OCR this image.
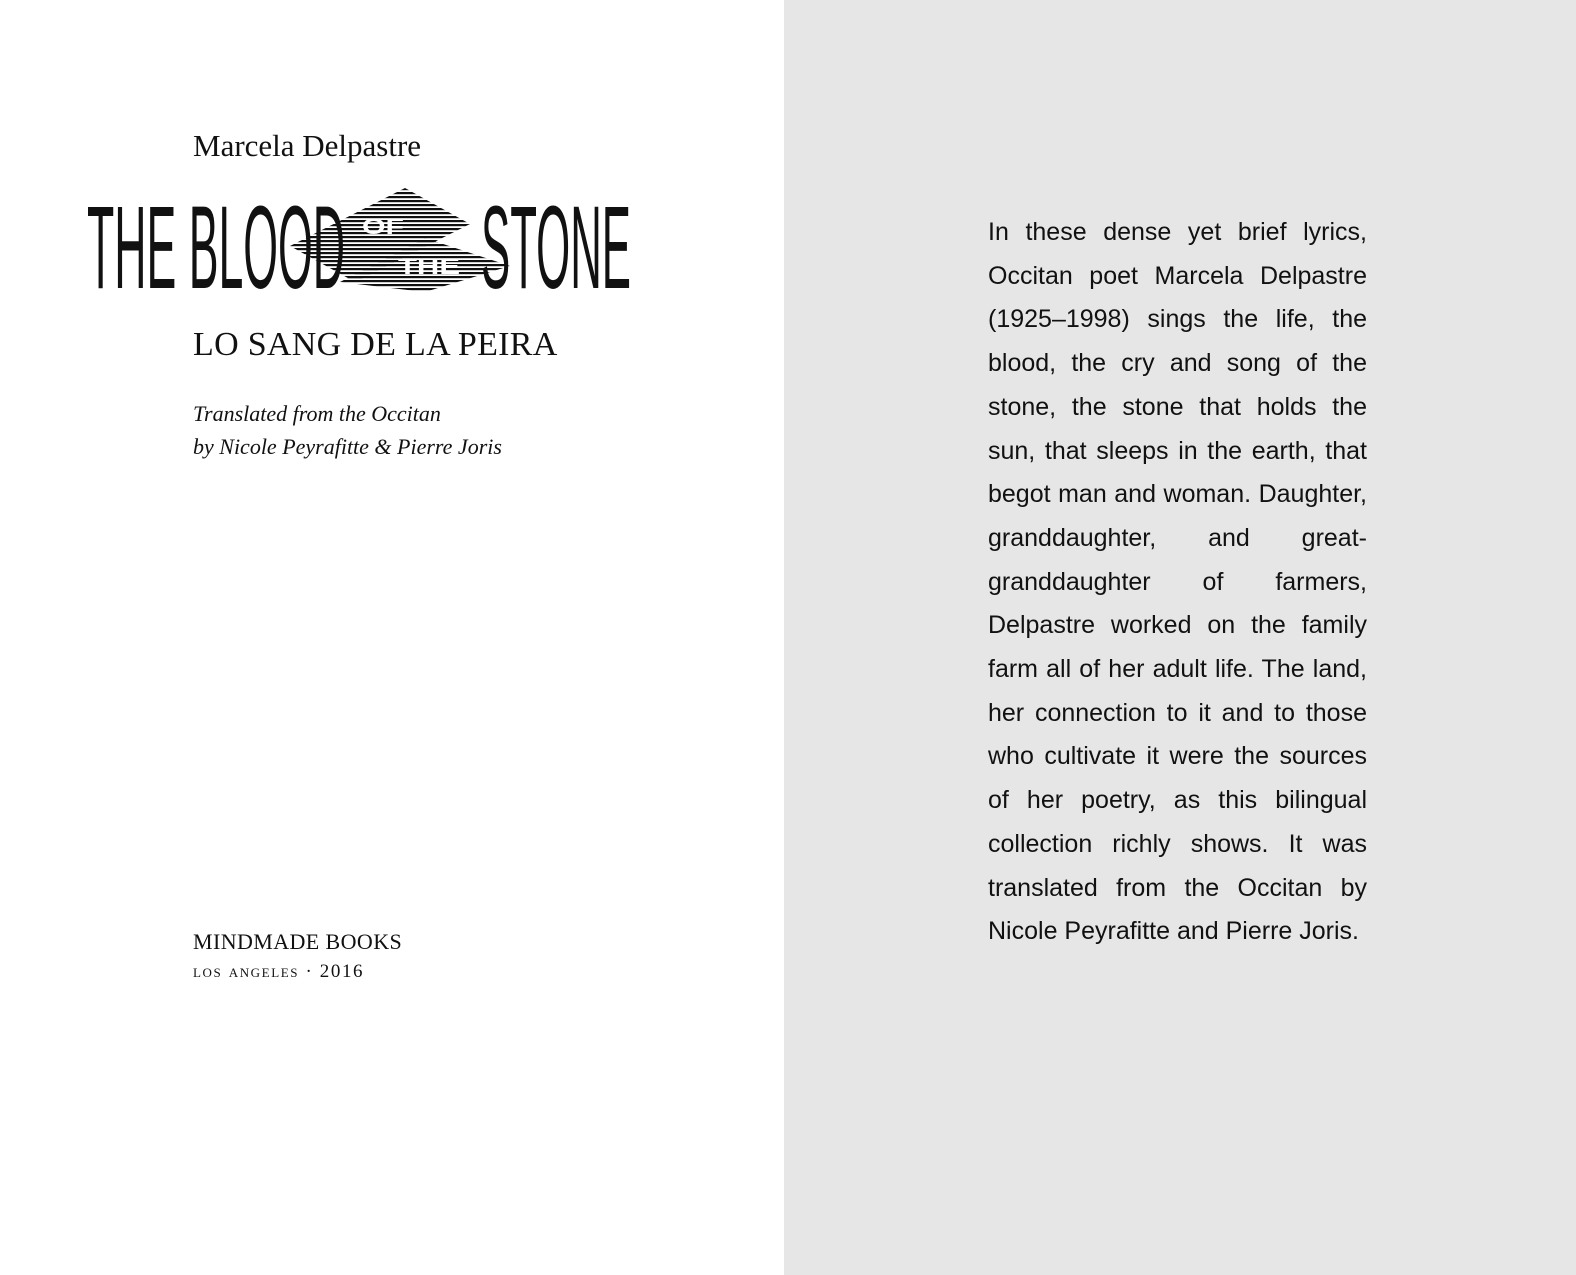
Marcela Delpastre
THE BLOOD STONE
OF
THE
LO SANG DE LA PEIRA
Translated from the Occitan
by Nicole Peyrafitte & Pierre Joris
MINDMADE BOOKS
los angeles · 2016

In these dense yet brief lyrics, Occitan poet Marcela Delpastre (1925–1998) sings the life, the blood, the cry and song of the stone, the stone that holds the sun, that sleeps in the earth, that begot man and woman. Daughter, granddaughter, and great-granddaughter of farmers, Delpastre worked on the family farm all of her adult life. The land, her connection to it and to those who cultivate it were the sources of her poetry, as this bilingual collection richly shows. It was translated from the Occitan by Nicole Peyrafitte and Pierre Joris.
